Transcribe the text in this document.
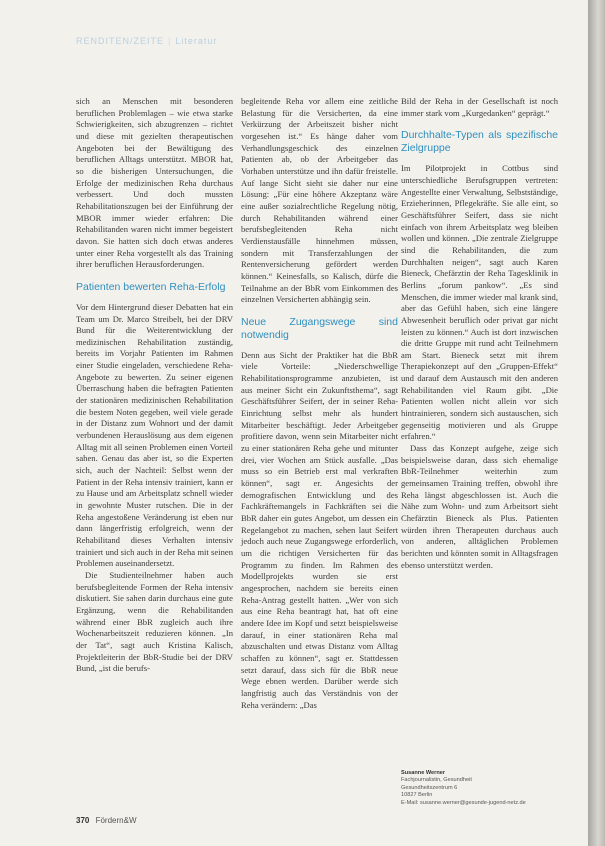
RENDITEN/ZEITE | Literatur

sich an Menschen mit besonderen beruflichen Problemlagen – wie etwa starke Schwierigkeiten, sich abzugrenzen – richtet und diese mit gezielten therapeutischen Angeboten bei der Bewältigung des beruflichen Alltags unterstützt. MBOR hat, so die bisherigen Untersuchungen, die Erfolge der medizinischen Reha durchaus verbessert. Und doch mussten Rehabilitationszugen bei der Einführung der MBOR immer wieder erfahren: Die Rehabilitanden waren nicht immer begeistert davon. Sie hatten sich doch etwas anderes unter einer Reha vorgestellt als das Training ihrer beruflichen Herausforderungen.

Patienten bewerten Reha-Erfolg

Vor dem Hintergrund dieser Debatten hat ein Team um Dr. Marco Streibelt, bei der DRV Bund für die Weiterentwicklung der medizinischen Rehabilitation zuständig, bereits im Vorjahr Patienten im Rahmen einer Studie eingeladen, verschiedene Reha-Angebote zu bewerten. Zu seiner eigenen Überraschung haben die befragten Patienten der stationären medizinischen Rehabilitation die bestem Noten gegeben, weil viele gerade in der Distanz zum Wohnort und der damit verbundenen Herauslösung aus dem eigenen Alltag mit all seinen Problemen einen Vorteil sahen. Genau das aber ist, so die Experten sich, auch der Nachteil: Selbst wenn der Patient in der Reha intensiv trainiert, kann er zu Hause und am Arbeitsplatz schnell wieder in gewohnte Muster rutschen. Die in der Reha angestoßene Veränderung ist eben nur dann längerfristig erfolgreich, wenn der Rehabilitand dieses Verhalten intensiv trainiert und sich auch in der Reha mit seinen Problemen auseinandersetzt.

Die Studienteilnehmer haben auch berufsbegleitende Formen der Reha intensiv diskutiert. Sie sahen darin durchaus eine gute Ergänzung, wenn die Rehabilitanden während einer BbR zugleich auch ihre Wochenarbeitszeit reduzieren können. „In der Tat“, sagt auch Kristina Kalisch, Projektleiterin der BbR-Studie bei der DRV Bund, „ist die berufs-

begleitende Reha vor allem eine zeitliche Belastung für die Versicherten, da eine Verkürzung der Arbeitszeit bisher nicht vorgesehen ist.“ Es hänge daher vom Verhandlungsgeschick des einzelnen Patienten ab, ob der Arbeitgeber das Vorhaben unterstütze und ihn dafür freistelle. Auf lange Sicht sieht sie daher nur eine Lösung: „Für eine höhere Akzeptanz wäre eine außer sozialrechtliche Regelung nötig, durch Rehabilitanden während einer berufsbegleitenden Reha nicht Verdienstausfälle hinnehmen müssen, sondern mit Transferzahlungen der Rentenversicherung gefördert werden können.“ Keinesfalls, so Kalisch, dürfe die Teilnahme an der BbR vom Einkommen des einzelnen Versicherten abhängig sein.

Neue Zugangswege sind notwendig

Denn aus Sicht der Praktiker hat die BbR viele Vorteile: „Niederschwellige Rehabilitationsprogramme anzubieten, ist aus meiner Sicht ein Zukunftsthema“, sagt Geschäftsführer Seifert, der in seiner Reha-Einrichtung selbst mehr als hundert Mitarbeiter beschäftigt. Jeder Arbeitgeber profitiere davon, wenn sein Mitarbeiter nicht zu einer stationären Reha gehe und mitunter drei, vier Wochen am Stück ausfalle. „Das muss so ein Betrieb erst mal verkraften können“, sagt er. Angesichts der demografischen Entwicklung und des Fachkräftemangels in Fachkräften sei die BbR daher ein gutes Angebot, um dessen ein Regelangebot zu machen, sehen laut Seifert jedoch auch neue Zugangswege erforderlich, um die richtigen Versicherten für das Programm zu finden. Im Rahmen des Modellprojekts wurden sie erst angesprochen, nachdem sie bereits einen Reha-Antrag gestellt hatten. „Wer von sich aus eine Reha beantragt hat, hat oft eine andere Idee im Kopf und setzt beispielsweise darauf, in einer stationären Reha mal abzuschalten und etwas Distanz vom Alltag schaffen zu können“, sagt er. Stattdessen setzt darauf, dass sich für die BbR neue Wege ebnen werden. Darüber werde sich langfristig auch das Verständnis von der Reha verändern: „Das

Bild der Reha in der Gesellschaft ist noch immer stark vom „Kurgedanken“ geprägt.“

Durchhalte-Typen als spezifische Zielgruppe

Im Pilotprojekt in Cottbus sind unterschiedliche Berufsgruppen vertreten: Angestellte einer Verwaltung, Selbstständige, Erzieherinnen, Pflegekräfte. Sie alle eint, so Geschäftsführer Seifert, dass sie nicht einfach von ihrem Arbeitsplatz weg bleiben wollen und können. „Die zentrale Zielgruppe sind die Rehabilitanden, die zum Durchhalten neigen“, sagt auch Karen Bieneck, Chefärztin der Reha Tagesklinik in Berlins „forum pankow“. „Es sind Menschen, die immer wieder mal krank sind, aber das Gefühl haben, sich eine längere Abwesenheit beruflich oder privat gar nicht leisten zu können.“ Auch ist dort inzwischen die dritte Gruppe mit rund acht Teilnehmern am Start. Bieneck setzt mit ihrem Therapiekonzept auf den „Gruppen-Effekt“ und darauf dem Austausch mit den anderen Rehabilitanden viel Raum gibt. „Die Patienten wollen nicht allein vor sich hintrainieren, sondern sich austauschen, sich gegenseitig motivieren und als Gruppe erfahren.“

Dass das Konzept aufgehe, zeige sich beispielsweise daran, dass sich ehemalige BbR-Teilnehmer weiterhin zum gemeinsamen Training treffen, obwohl ihre Reha längst abgeschlossen ist. Auch die Nähe zum Wohn- und zum Arbeitsort sieht Chefärztin Bieneck als Plus. Patienten würden ihren Therapeuten durchaus auch von anderen, alltäglichen Problemen berichten und könnten somit in Alltagsfragen ebenso unterstützt werden.

Susanne Werner
Fachjournalistin, Gesundheit
Gesundheitszentrum 6
10827 Berlin
E-Mail: susanne.werner@gesunde-jugend-netz.de
370 Fördern&W
